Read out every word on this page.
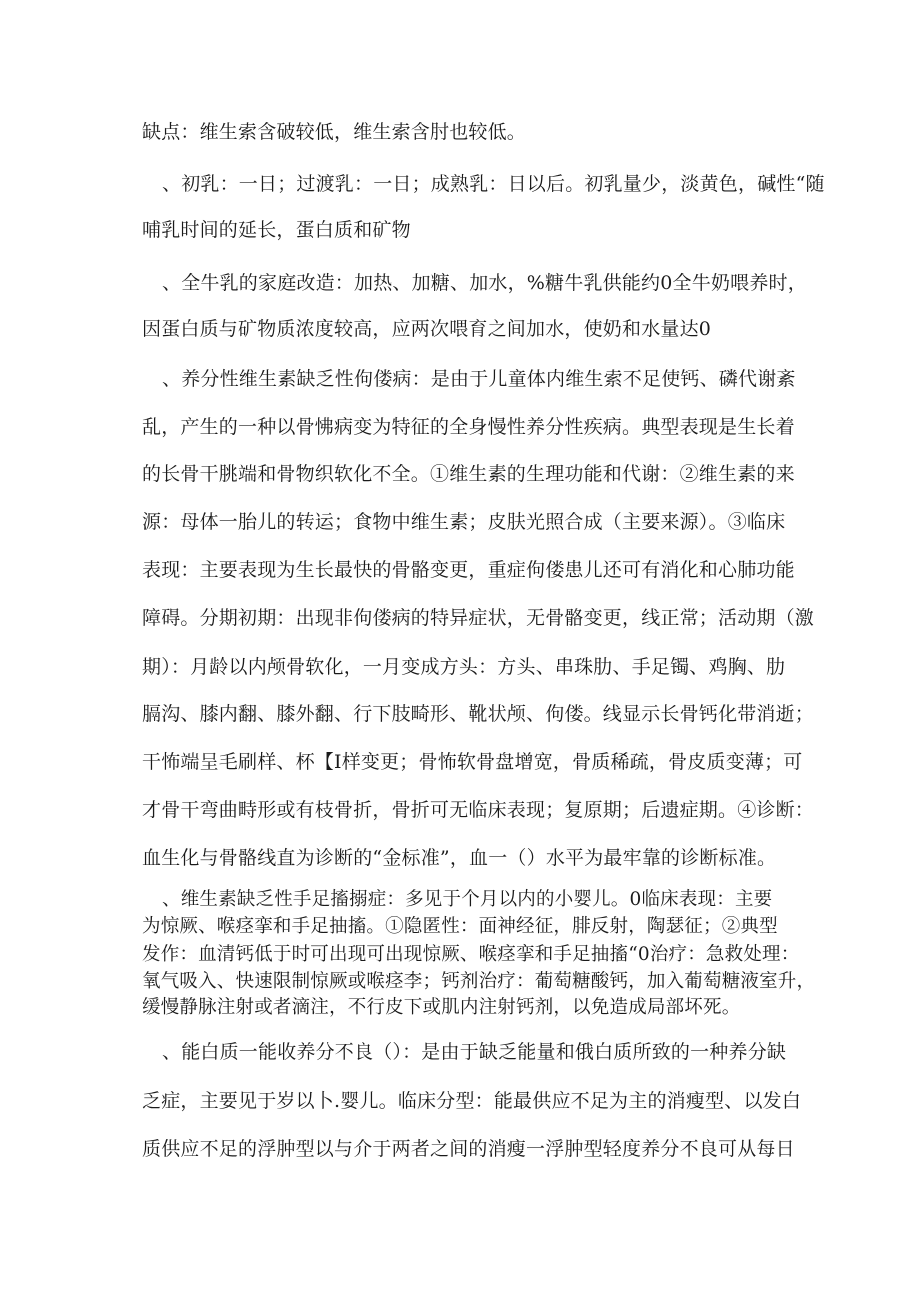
缺点：维生索含破较低，维生索含肘也较低。
、初乳：一日；过渡乳：一日；成熟乳：日以后。初乳量少，淡黄色，碱性“随
哺乳时间的延长，蛋白质和矿物
、全牛乳的家庭改造：加热、加糖、加水，%糖牛乳供能约0全牛奶喂养时，
因蛋白质与矿物质浓度较高，应两次喂育之间加水，使奶和水量达0
、养分性维生素缺乏性佝偻病：是由于儿童体内维生索不足使钙、磷代谢紊
乱，产生的一种以骨怫病变为特征的全身慢性养分性疾病。典型表现是生长着
的长骨干朓端和骨物织软化不全。①维生素的生理功能和代谢：②维生素的来
源：母体一胎儿的转运；食物中维生素；皮肤光照合成（主要来源）。③临床
表现：主要表现为生长最快的骨骼变更，重症佝偻患儿还可有消化和心肺功能
障碍。分期初期：出现非佝偻病的特异症状，无骨骼变更，线正常；活动期（激
期）：月龄以内颅骨软化，一月变成方头：方头、串珠肋、手足镯、鸡胸、肋
膈沟、膝内翻、膝外翻、行下肢畸形、靴状颅、佝偻。线显示长骨钙化带消逝；
干怖端呈毛刷样、杯【I样变更；骨怖软骨盘增宽，骨质稀疏，骨皮质变薄；可
才骨干弯曲畤形或有枝骨折，骨折可无临床表现；复原期；后遗症期。④诊断：
血生化与骨骼线直为诊断的“金标准”，血一（）水平为最牢靠的诊断标准。
、维生素缺乏性手足搐搦症：多见于个月以内的小婴儿。0临床表现：主要
为惊厥、喉痉挛和手足抽搐。①隐匿性：面神经征，腓反射，陶瑟征；②典型
发作：血清钙低于时可出现可出现惊厥、喉痉挛和手足抽搐“0治疗：急救处理：
氧气吸入、快速限制惊厥或喉痉李；钙剂治疗：葡萄糖酸钙，加入葡萄糖液室升，
缓慢静脉注射或者滴注，不行皮下或肌内注射钙剂，以免造成局部坏死。
、能白质一能收养分不良（）：是由于缺乏能量和俄白质所致的一种养分缺
乏症，主要见于岁以卜.婴儿。临床分型：能最供应不足为主的消瘦型、以发白
质供应不足的浮肿型以与介于两者之间的消瘦一浮肿型轻度养分不良可从每日
